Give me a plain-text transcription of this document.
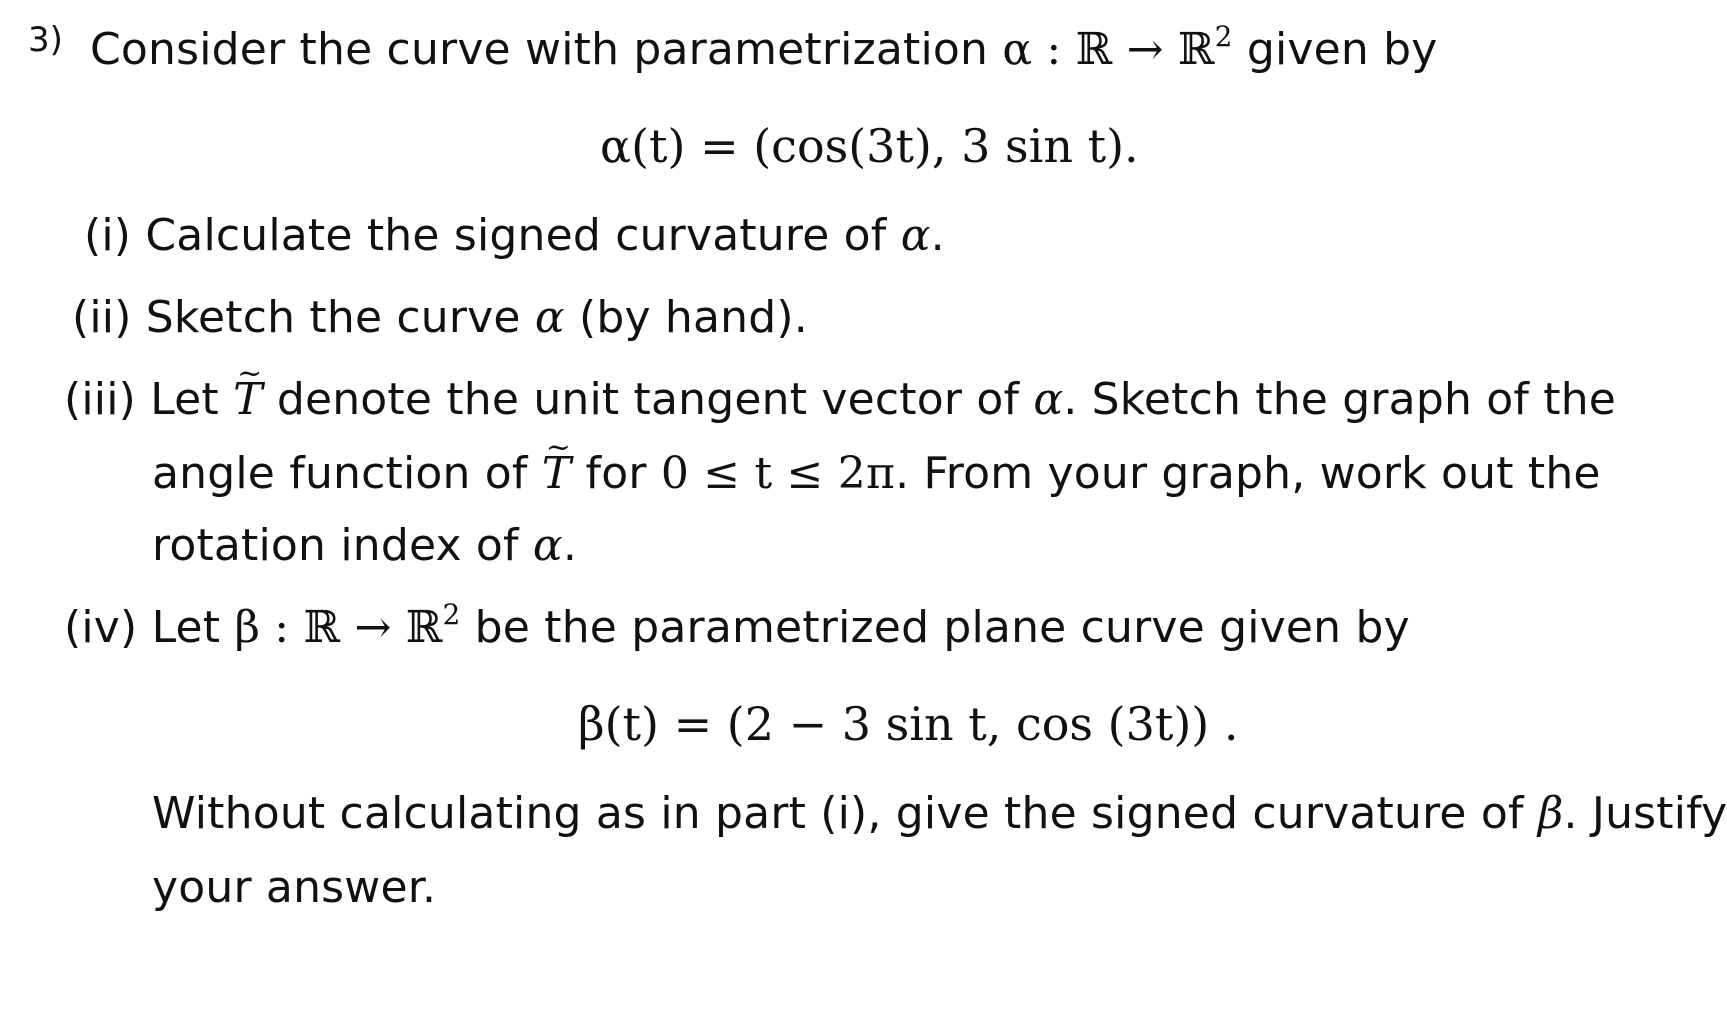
3) Consider the curve with parametrization α : ℝ → ℝ$^2$ given by
α(t) = (cos(3t), 3 sin t).
(i) Calculate the signed curvature of α.
(ii) Sketch the curve α (by hand).
(iii) Let ~ T denote the unit tangent vector of α. Sketch the graph of the
angle function of ~ T for 0 ≤ t ≤ 2π. From your graph, work out the
rotation index of α.
(iv) Let β : ℝ → ℝ$^2$ be the parametrized plane curve given by
β(t) = (2 − 3 sin t, cos (3t)) .
Without calculating as in part (i), give the signed curvature of β. Justify
your answer.
